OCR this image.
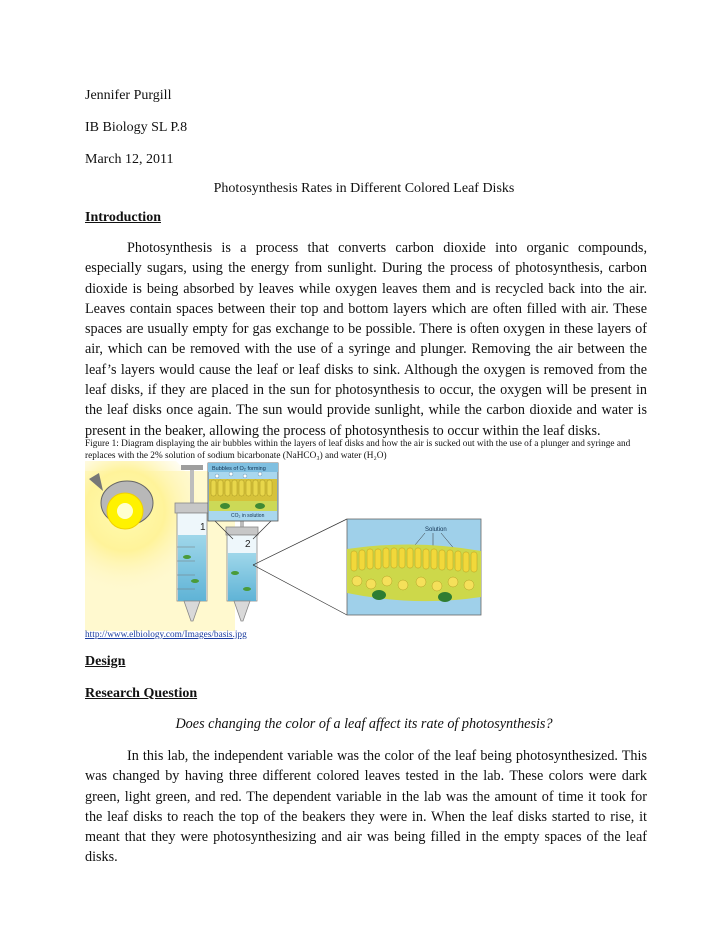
Jennifer Purgill
IB Biology SL P.8
March 12, 2011
Photosynthesis Rates in Different Colored Leaf Disks
Introduction
Photosynthesis is a process that converts carbon dioxide into organic compounds, especially sugars, using the energy from sunlight. During the process of photosynthesis, carbon dioxide is being absorbed by leaves while oxygen leaves them and is recycled back into the air. Leaves contain spaces between their top and bottom layers which are often filled with air. These spaces are usually empty for gas exchange to be possible. There is often oxygen in these layers of air, which can be removed with the use of a syringe and plunger. Removing the air between the leaf’s layers would cause the leaf or leaf disks to sink. Although the oxygen is removed from the leaf disks, if they are placed in the sun for photosynthesis to occur, the oxygen will be present in the leaf disks once again. The sun would provide sunlight, while the carbon dioxide and water is present in the beaker, allowing the process of photosynthesis to occur within the leaf disks.
Figure 1: Diagram displaying the air bubbles within the layers of leaf disks and how the air is sucked out with the use of a plunger and syringe and replaces with the 2% solution of sodium bicarbonate (NaHCO₃) and water (H₂O)
1
2
Bubbles of O₂ forming
CO₂ in solution
Solution
http://www.elbiology.com/Images/basis.jpg
Design
Research Question
Does changing the color of a leaf affect its rate of photosynthesis?
In this lab, the independent variable was the color of the leaf being photosynthesized. This was changed by having three different colored leaves tested in the lab. These colors were dark green, light green, and red. The dependent variable in the lab was the amount of time it took for the leaf disks to reach the top of the beakers they were in. When the leaf disks started to rise, it meant that they were photosynthesizing and air was being filled in the empty spaces of the leaf disks.
